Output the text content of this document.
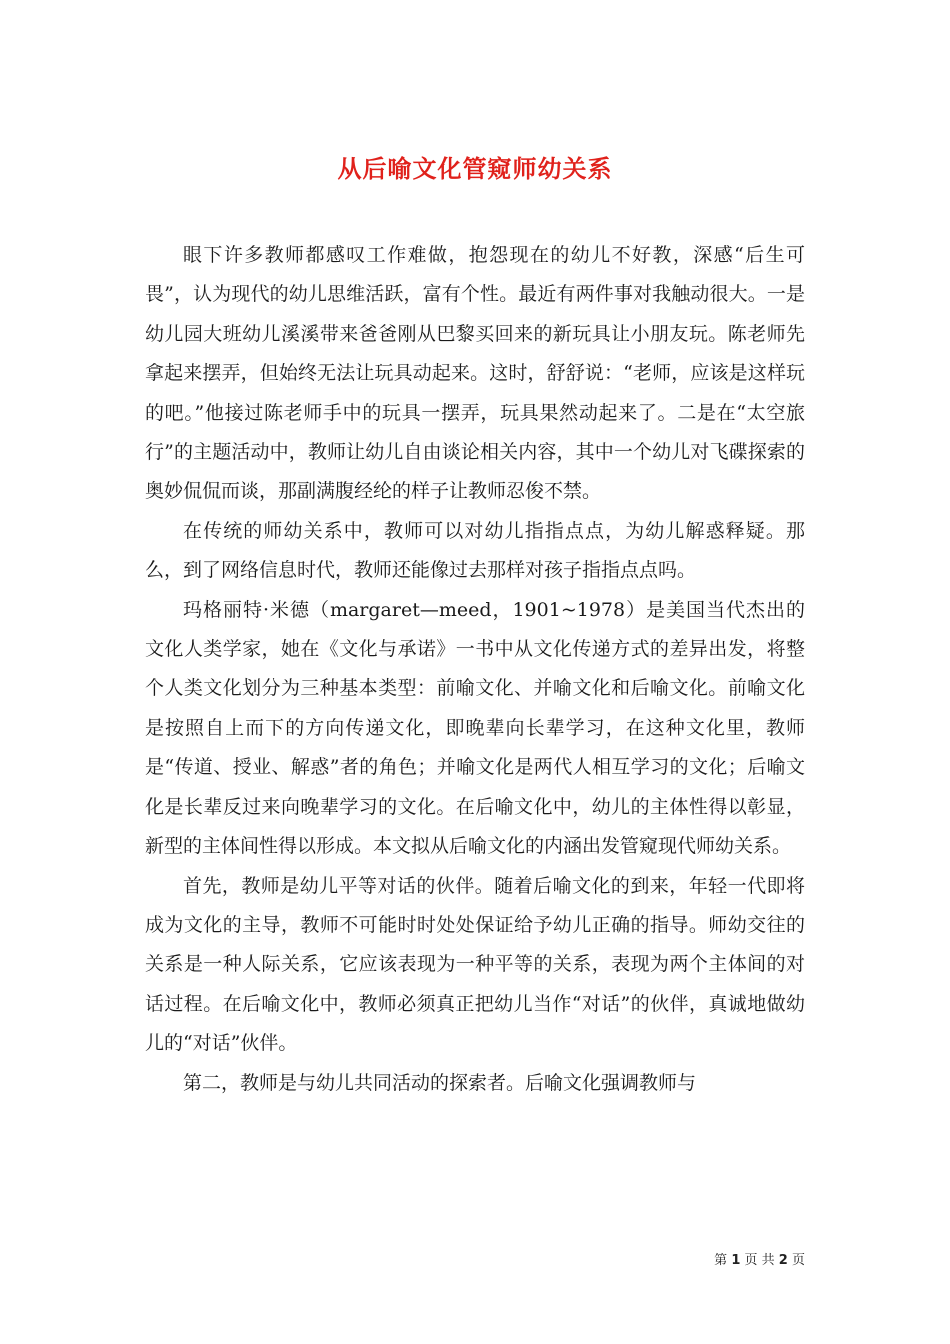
从后喻文化管窥师幼关系

眼下许多教师都感叹工作难做，抱怨现在的幼儿不好教，深感“后生可畏”，认为现代的幼儿思维活跃，富有个性。最近有两件事对我触动很大。一是幼儿园大班幼儿溪溪带来爸爸刚从巴黎买回来的新玩具让小朋友玩。陈老师先拿起来摆弄，但始终无法让玩具动起来。这时，舒舒说：“老师，应该是这样玩的吧。”他接过陈老师手中的玩具一摆弄，玩具果然动起来了。二是在“太空旅行”的主题活动中，教师让幼儿自由谈论相关内容，其中一个幼儿对飞碟探索的奥妙侃侃而谈，那副满腹经纶的样子让教师忍俊不禁。

在传统的师幼关系中，教师可以对幼儿指指点点，为幼儿解惑释疑。那么，到了网络信息时代，教师还能像过去那样对孩子指指点点吗。

玛格丽特·米德（margaret—meed，1901~1978）是美国当代杰出的文化人类学家，她在《文化与承诺》一书中从文化传递方式的差异出发，将整个人类文化划分为三种基本类型：前喻文化、并喻文化和后喻文化。前喻文化是按照自上而下的方向传递文化，即晚辈向长辈学习，在这种文化里，教师是“传道、授业、解惑”者的角色；并喻文化是两代人相互学习的文化；后喻文化是长辈反过来向晚辈学习的文化。在后喻文化中，幼儿的主体性得以彰显，新型的主体间性得以形成。本文拟从后喻文化的内涵出发管窥现代师幼关系。

首先，教师是幼儿平等对话的伙伴。随着后喻文化的到来，年轻一代即将成为文化的主导，教师不可能时时处处保证给予幼儿正确的指导。师幼交往的关系是一种人际关系，它应该表现为一种平等的关系，表现为两个主体间的对话过程。在后喻文化中，教师必须真正把幼儿当作“对话”的伙伴，真诚地做幼儿的“对话”伙伴。

第二，教师是与幼儿共同活动的探索者。后喻文化强调教师与

第 1 页 共 2 页
